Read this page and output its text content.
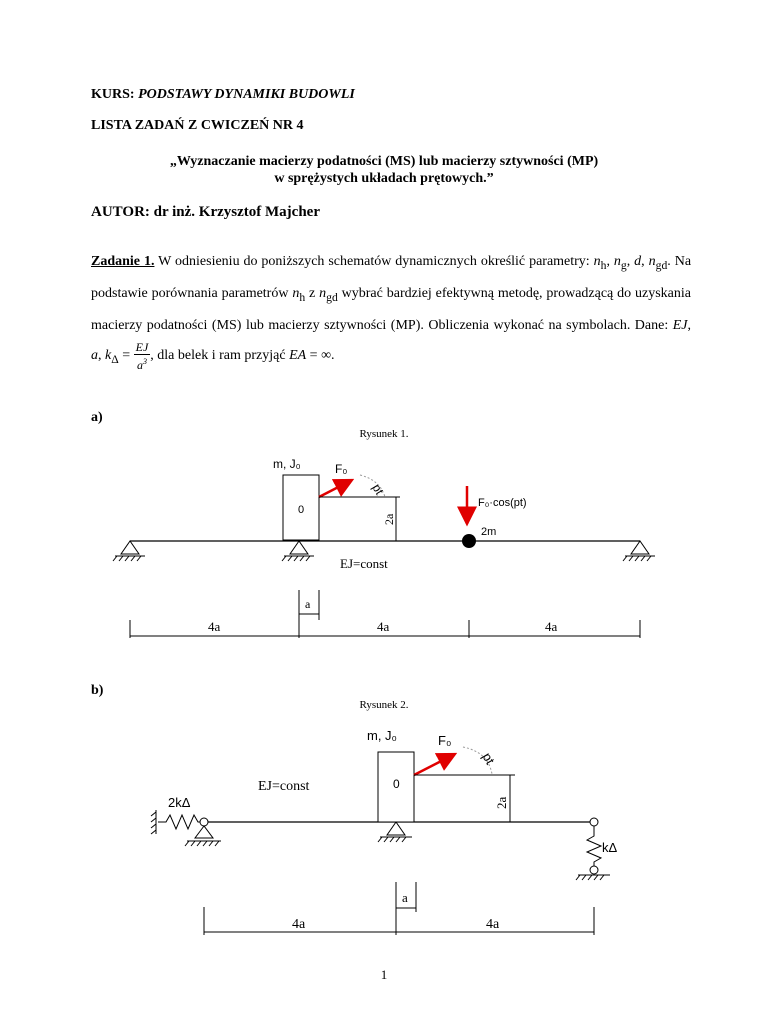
KURS: PODSTAWY DYNAMIKI BUDOWLI
LISTA ZADAŃ Z CWICZEŃ NR 4
„Wyznaczanie macierzy podatności (MS) lub macierzy sztywności (MP)
w sprężystych układach prętowych.”
AUTOR: dr inż. Krzysztof Majcher
Zadanie 1. W odniesieniu do poniższych schematów dynamicznych określić parametry: $n_h$, $n_g$, d, $n_{gd}$. Na podstawie porównania parametrów $n_h$ z $n_{gd}$ wybrać bardziej efektywną metodę, prowadzącą do uzyskania macierzy podatności (MS) lub macierzy sztywności (MP). Obliczenia wykonać na symbolach. Dane: EJ, a, $k_\Delta = \frac{EJ}{a^3}$ , dla belek i ram przyjąć EA = ∞.
a)
Rysunek 1.
0
m, J₀	F₀
pt
2a
F₀·cos(pt)
2m
EJ=const
a
4a	4a	4a
b)
Rysunek 2.
2kΔ
kΔ
0
m, J₀	F₀
pt
2a
EJ=const
a
4a	4a
1
